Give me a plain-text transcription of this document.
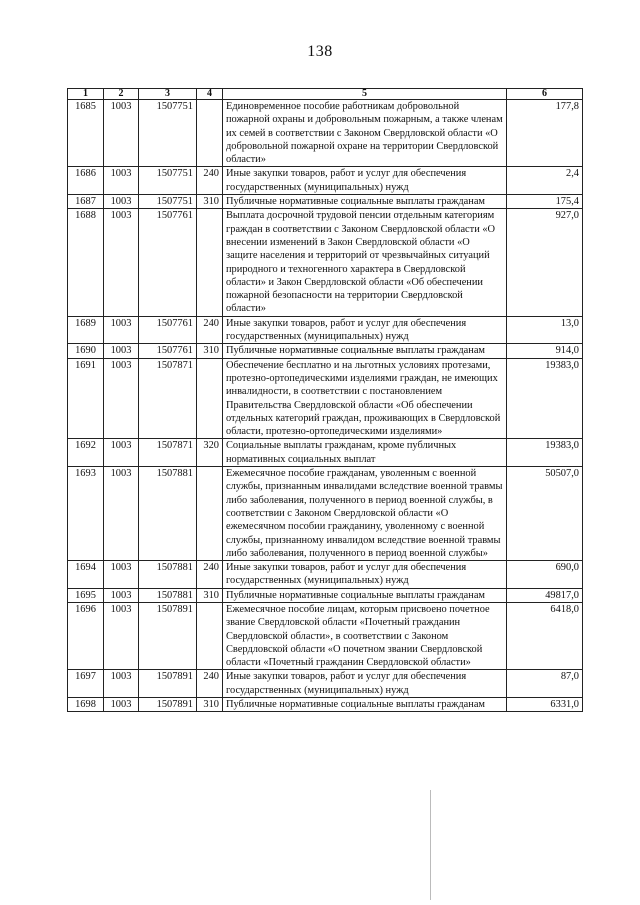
138
1	2	3	4	5	6
1685	1003	1507751		Единовременное пособие работникам добровольной пожарной охраны и добровольным пожарным, а также членам их семей в соответствии с Законом Свердловской области «О добровольной пожарной охране на территории Свердловской области»	177,8
1686	1003	1507751	240	Иные закупки товаров, работ и услуг для обеспечения государственных (муниципальных) нужд	2,4
1687	1003	1507751	310	Публичные нормативные социальные выплаты гражданам	175,4
1688	1003	1507761		Выплата досрочной трудовой пенсии отдельным категориям граждан в соответствии с Законом Свердловской области «О внесении изменений в Закон Свердловской области «О защите населения и территорий от чрезвычайных ситуаций природного и техногенного характера в Свердловской области» и Закон Свердловской области «Об обеспечении пожарной безопасности на территории Свердловской области»	927,0
1689	1003	1507761	240	Иные закупки товаров, работ и услуг для обеспечения государственных (муниципальных) нужд	13,0
1690	1003	1507761	310	Публичные нормативные социальные выплаты гражданам	914,0
1691	1003	1507871		Обеспечение бесплатно и на льготных условиях протезами, протезно-ортопедическими изделиями граждан, не имеющих инвалидности, в соответствии с постановлением Правительства Свердловской области «Об обеспечении отдельных категорий граждан, проживающих в Свердловской области, протезно-ортопедическими изделиями»	19383,0
1692	1003	1507871	320	Социальные выплаты гражданам, кроме публичных нормативных социальных выплат	19383,0
1693	1003	1507881		Ежемесячное пособие гражданам, уволенным с военной службы, признанным инвалидами вследствие военной травмы либо заболевания, полученного в период военной службы, в соответствии с Законом Свердловской области «О ежемесячном пособии гражданину, уволенному с военной службы, признанному инвалидом вследствие военной травмы либо заболевания, полученного в период военной службы»	50507,0
1694	1003	1507881	240	Иные закупки товаров, работ и услуг для обеспечения государственных (муниципальных) нужд	690,0
1695	1003	1507881	310	Публичные нормативные социальные выплаты гражданам	49817,0
1696	1003	1507891		Ежемесячное пособие лицам, которым присвоено почетное звание Свердловской области «Почетный гражданин Свердловской области», в соответствии с Законом Свердловской области «О почетном звании Свердловской области «Почетный гражданин Свердловской области»	6418,0
1697	1003	1507891	240	Иные закупки товаров, работ и услуг для обеспечения государственных (муниципальных) нужд	87,0
1698	1003	1507891	310	Публичные нормативные социальные выплаты гражданам	6331,0
